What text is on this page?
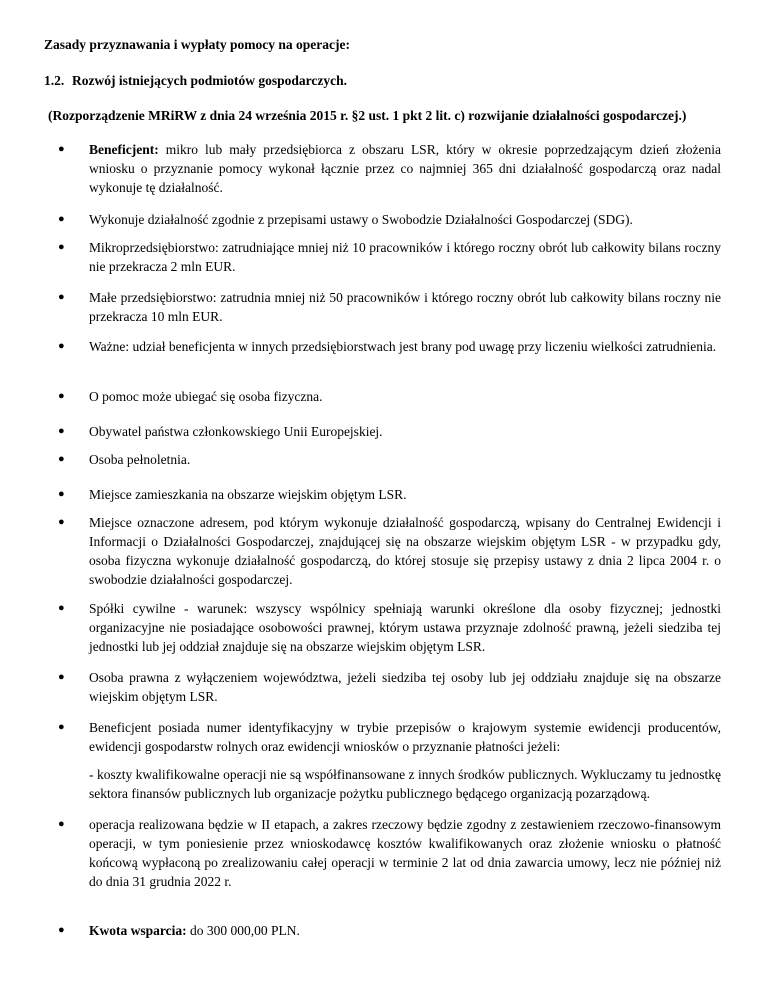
Zasady przyznawania i wypłaty pomocy na operacje:
1.2. Rozwój istniejących podmiotów gospodarczych.
(Rozporządzenie MRiRW z dnia 24 września 2015 r. §2 ust. 1 pkt 2 lit. c) rozwijanie działalności gospodarczej.)
● Beneficjent: mikro lub mały przedsiębiorca z obszaru LSR, który w okresie poprzedzającym dzień złożenia wniosku o przyznanie pomocy wykonał łącznie przez co najmniej 365 dni działalność gospodarczą oraz nadal wykonuje tę działalność.
● Wykonuje działalność zgodnie z przepisami ustawy o Swobodzie Działalności Gospodarczej (SDG).
● Mikroprzedsiębiorstwo: zatrudniające mniej niż 10 pracowników i którego roczny obrót lub całkowity bilans roczny nie przekracza 2 mln EUR.
● Małe przedsiębiorstwo: zatrudnia mniej niż 50 pracowników i którego roczny obrót lub całkowity bilans roczny nie przekracza 10 mln EUR.
● Ważne: udział beneficjenta w innych przedsiębiorstwach jest brany pod uwagę przy liczeniu wielkości zatrudnienia.
● O pomoc może ubiegać się osoba fizyczna.
● Obywatel państwa członkowskiego Unii Europejskiej.
● Osoba pełnoletnia.
● Miejsce zamieszkania na obszarze wiejskim objętym LSR.
● Miejsce oznaczone adresem, pod którym wykonuje działalność gospodarczą, wpisany do Centralnej Ewidencji i Informacji o Działalności Gospodarczej, znajdującej się na obszarze wiejskim objętym LSR - w przypadku gdy, osoba fizyczna wykonuje działalność gospodarczą, do której stosuje się przepisy ustawy z dnia 2 lipca 2004 r. o swobodzie działalności gospodarczej.
● Spółki cywilne - warunek: wszyscy wspólnicy spełniają warunki określone dla osoby fizycznej; jednostki organizacyjne nie posiadające osobowości prawnej, którym ustawa przyznaje zdolność prawną, jeżeli siedziba tej jednostki lub jej oddział znajduje się na obszarze wiejskim objętym LSR.
● Osoba prawna z wyłączeniem województwa, jeżeli siedziba tej osoby lub jej oddziału znajduje się na obszarze wiejskim objętym LSR.
● Beneficjent posiada numer identyfikacyjny w trybie przepisów o krajowym systemie ewidencji producentów, ewidencji gospodarstw rolnych oraz ewidencji wniosków o przyznanie płatności jeżeli:
- koszty kwalifikowalne operacji nie są współfinansowane z innych środków publicznych. Wykluczamy tu jednostkę sektora finansów publicznych lub organizacje pożytku publicznego będącego organizacją pozarządową.
● operacja realizowana będzie w II etapach, a zakres rzeczowy będzie zgodny z zestawieniem rzeczowo-finansowym operacji, w tym poniesienie przez wnioskodawcę kosztów kwalifikowanych oraz złożenie wniosku o płatność końcową wypłaconą po zrealizowaniu całej operacji w terminie 2 lat od dnia zawarcia umowy, lecz nie później niż do dnia 31 grudnia 2022 r.
● Kwota wsparcia: do 300 000,00 PLN.
